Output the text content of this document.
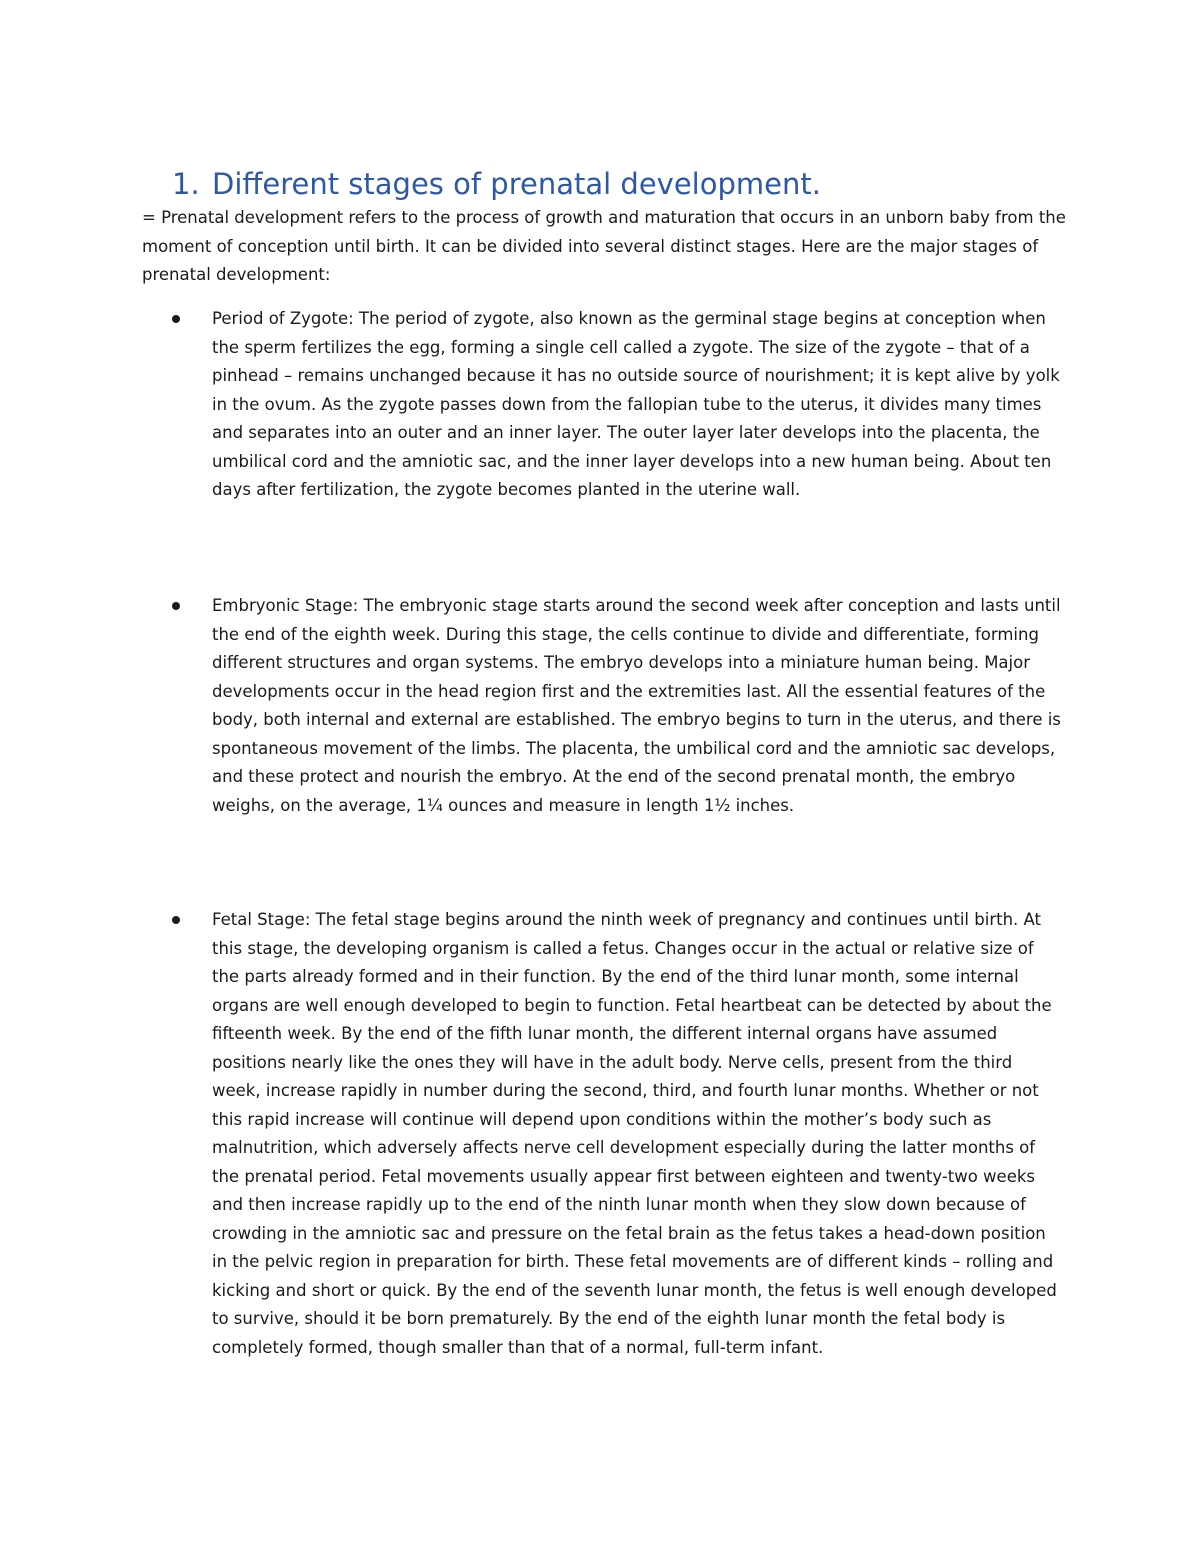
1. Different stages of prenatal development.

= Prenatal development refers to the process of growth and maturation that occurs in an unborn baby from the moment of conception until birth. It can be divided into several distinct stages. Here are the major stages of prenatal development:

Period of Zygote: The period of zygote, also known as the germinal stage begins at conception when the sperm fertilizes the egg, forming a single cell called a zygote. The size of the zygote – that of a pinhead – remains unchanged because it has no outside source of nourishment; it is kept alive by yolk in the ovum. As the zygote passes down from the fallopian tube to the uterus, it divides many times and separates into an outer and an inner layer. The outer layer later develops into the placenta, the umbilical cord and the amniotic sac, and the inner layer develops into a new human being. About ten days after fertilization, the zygote becomes planted in the uterine wall.
Embryonic Stage: The embryonic stage starts around the second week after conception and lasts until the end of the eighth week. During this stage, the cells continue to divide and differentiate, forming different structures and organ systems. The embryo develops into a miniature human being. Major developments occur in the head region first and the extremities last. All the essential features of the body, both internal and external are established. The embryo begins to turn in the uterus, and there is spontaneous movement of the limbs. The placenta, the umbilical cord and the amniotic sac develops, and these protect and nourish the embryo. At the end of the second prenatal month, the embryo weighs, on the average, 1¼ ounces and measure in length 1½ inches.
Fetal Stage: The fetal stage begins around the ninth week of pregnancy and continues until birth. At this stage, the developing organism is called a fetus. Changes occur in the actual or relative size of the parts already formed and in their function. By the end of the third lunar month, some internal organs are well enough developed to begin to function. Fetal heartbeat can be detected by about the fifteenth week. By the end of the fifth lunar month, the different internal organs have assumed positions nearly like the ones they will have in the adult body. Nerve cells, present from the third week, increase rapidly in number during the second, third, and fourth lunar months. Whether or not this rapid increase will continue will depend upon conditions within the mother’s body such as malnutrition, which adversely affects nerve cell development especially during the latter months of the prenatal period. Fetal movements usually appear first between eighteen and twenty-two weeks and then increase rapidly up to the end of the ninth lunar month when they slow down because of crowding in the amniotic sac and pressure on the fetal brain as the fetus takes a head-down position in the pelvic region in preparation for birth. These fetal movements are of different kinds – rolling and kicking and short or quick. By the end of the seventh lunar month, the fetus is well enough developed to survive, should it be born prematurely. By the end of the eighth lunar month the fetal body is completely formed, though smaller than that of a normal, full-term infant.
